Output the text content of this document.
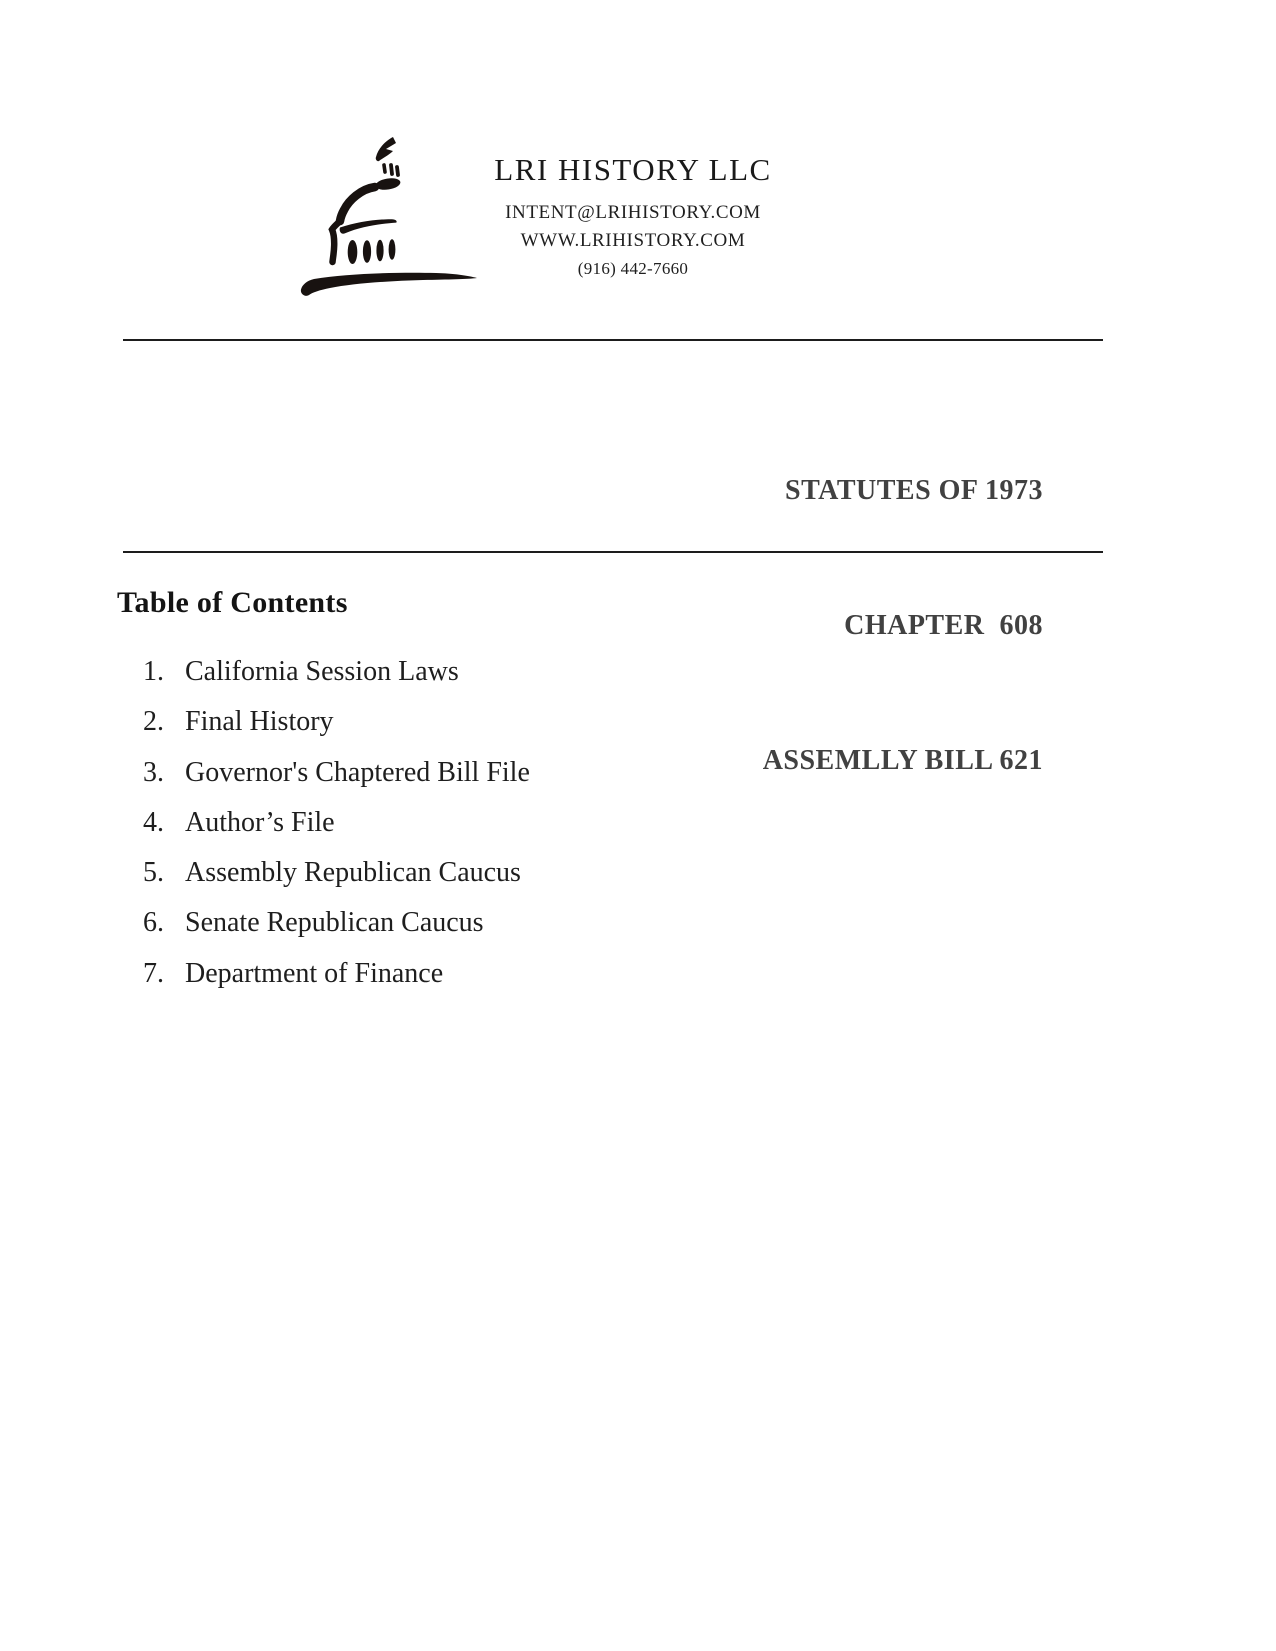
LRI HISTORY LLC
INTENT@LRIHISTORY.COM
WWW.LRIHISTORY.COM
(916) 442-7660

STATUTES OF 1973

CHAPTER  608

ASSEMLLY BILL 621

Table of Contents
1. California Session Laws
2. Final History
3. Governor's Chaptered Bill File
4. Author’s File
5. Assembly Republican Caucus
6. Senate Republican Caucus
7. Department of Finance
